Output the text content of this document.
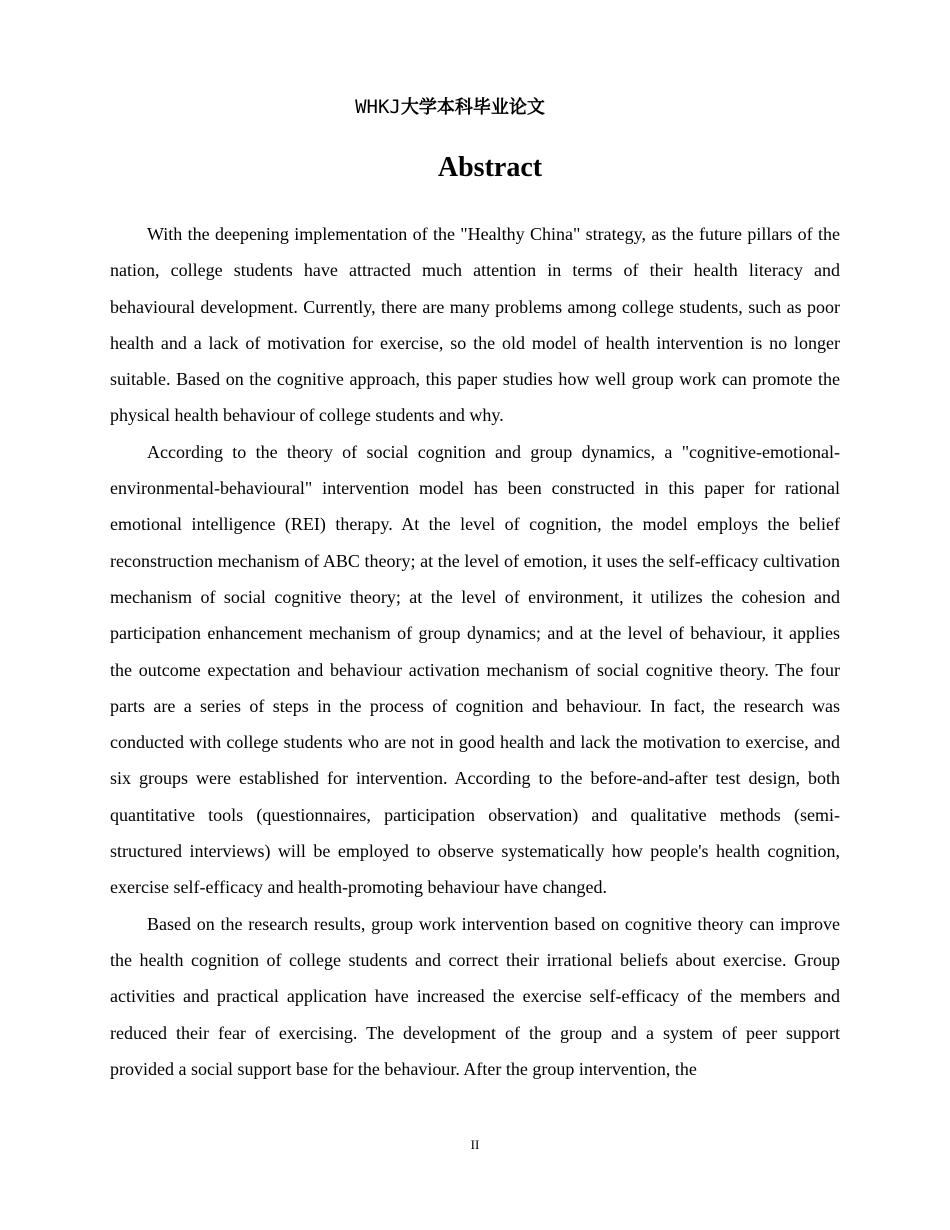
WHKJ大学本科毕业论文
Abstract

With the deepening implementation of the "Healthy China" strategy, as the future pillars of the nation, college students have attracted much attention in terms of their health literacy and behavioural development. Currently, there are many problems among college students, such as poor health and a lack of motivation for exercise, so the old model of health intervention is no longer suitable. Based on the cognitive approach, this paper studies how well group work can promote the physical health behaviour of college students and why.

According to the theory of social cognition and group dynamics, a "cognitive-emotional-environmental-behavioural" intervention model has been constructed in this paper for rational emotional intelligence (REI) therapy. At the level of cognition, the model employs the belief reconstruction mechanism of ABC theory; at the level of emotion, it uses the self-efficacy cultivation mechanism of social cognitive theory; at the level of environment, it utilizes the cohesion and participation enhancement mechanism of group dynamics; and at the level of behaviour, it applies the outcome expectation and behaviour activation mechanism of social cognitive theory. The four parts are a series of steps in the process of cognition and behaviour. In fact, the research was conducted with college students who are not in good health and lack the motivation to exercise, and six groups were established for intervention. According to the before-and-after test design, both quantitative tools (questionnaires, participation observation) and qualitative methods (semi-structured interviews) will be employed to observe systematically how people's health cognition, exercise self-efficacy and health-promoting behaviour have changed.

Based on the research results, group work intervention based on cognitive theory can improve the health cognition of college students and correct their irrational beliefs about exercise. Group activities and practical application have increased the exercise self-efficacy of the members and reduced their fear of exercising. The development of the group and a system of peer support provided a social support base for the behaviour. After the group intervention, the

II
